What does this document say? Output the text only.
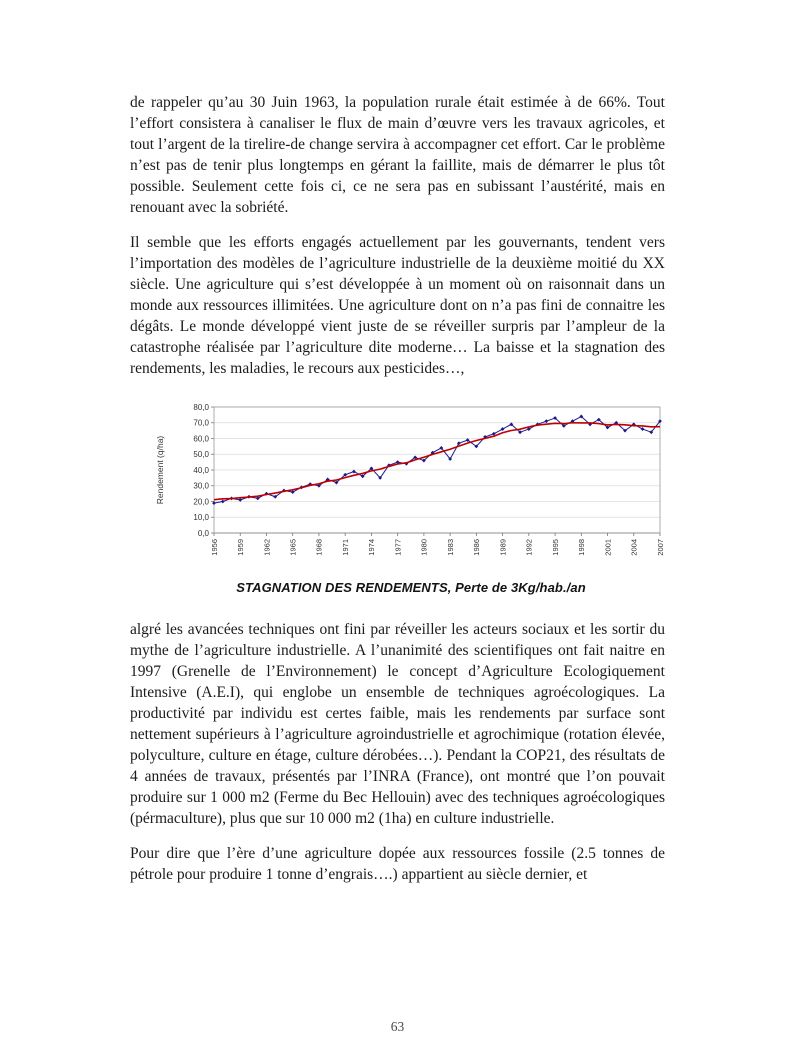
de rappeler qu’au 30 Juin 1963, la population rurale était estimée à de 66%. Tout l’effort consistera à canaliser le flux de main d’œuvre vers les travaux agricoles, et tout l’argent de la tirelire-de change servira à accompagner cet effort. Car le problème n’est pas de tenir plus longtemps en gérant la faillite, mais de démarrer le plus tôt possible. Seulement cette fois ci, ce ne sera pas en subissant l’austérité, mais en renouant avec la sobriété.

Il semble que les efforts engagés actuellement par les gouvernants, tendent vers l’importation des modèles de l’agriculture industrielle de la deuxième moitié du XX siècle. Une agriculture qui s’est développée à un moment où on raisonnait dans un monde aux ressources illimitées. Une agriculture dont on n’a pas fini de connaitre les dégâts. Le monde développé vient juste de se réveiller surpris par l’ampleur de la catastrophe réalisée par l’agriculture dite moderne… La baisse et la stagnation des rendements, les maladies, le recours aux pesticides…,

0,0
10,0
20,0
30,0
40,0
50,0
60,0
70,0
80,0
1956 1959 1962 1965 1968 1971 1974 1977 1980 1983 1986 1989 1992 1995 1998 2001 2004 2007
Rendement (q/ha)
STAGNATION DES RENDEMENTS, Perte de 3Kg/hab./an

algré les avancées techniques ont fini par réveiller les acteurs sociaux et les sortir du mythe de l’agriculture industrielle. A l’unanimité des scientifiques ont fait naitre en 1997 (Grenelle de l’Environnement) le concept d’Agriculture Ecologiquement Intensive (A.E.I), qui englobe un ensemble de techniques agroécologiques. La productivité par individu est certes faible, mais les rendements par surface sont nettement supérieurs à l’agriculture agroindustrielle et agrochimique (rotation élevée, polyculture, culture en étage, culture dérobées…). Pendant la COP21, des résultats de 4 années de travaux, présentés par l’INRA (France), ont montré que l’on pouvait produire sur 1 000 m2 (Ferme du Bec Hellouin) avec des techniques agroécologiques (pérmaculture), plus que sur 10 000 m2 (1ha) en culture industrielle.

Pour dire que l’ère d’une agriculture dopée aux ressources fossile (2.5 tonnes de pétrole pour produire 1 tonne d’engrais….) appartient au siècle dernier, et

63
